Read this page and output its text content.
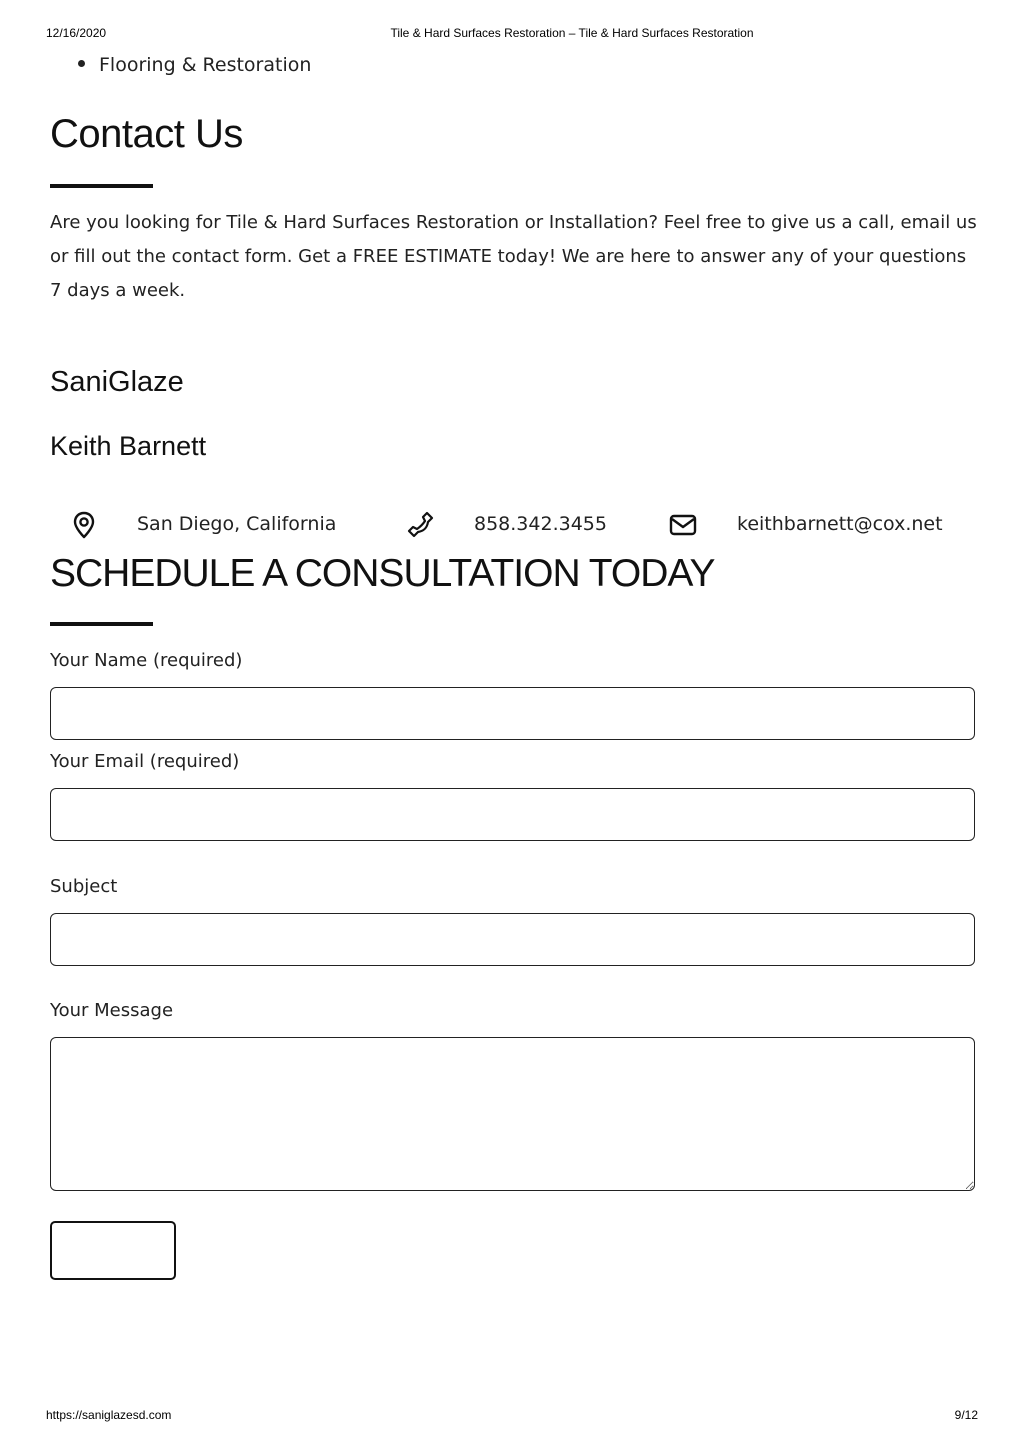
12/16/2020	Tile & Hard Surfaces Restoration – Tile & Hard Surfaces Restoration
Flooring & Restoration
Contact Us

Are you looking for Tile & Hard Surfaces Restoration or Installation? Feel free to give us a call, email us or fill out the contact form. Get a FREE ESTIMATE today! We are here to answer any of your questions 7 days a week.

SaniGlaze
Keith Barnett
San Diego, California	858.342.3455	keithbarnett@cox.net
SCHEDULE A CONSULTATION TODAY
Your Name (required)
Your Email (required)
Subject
Your Message
https://saniglazesd.com	9/12
